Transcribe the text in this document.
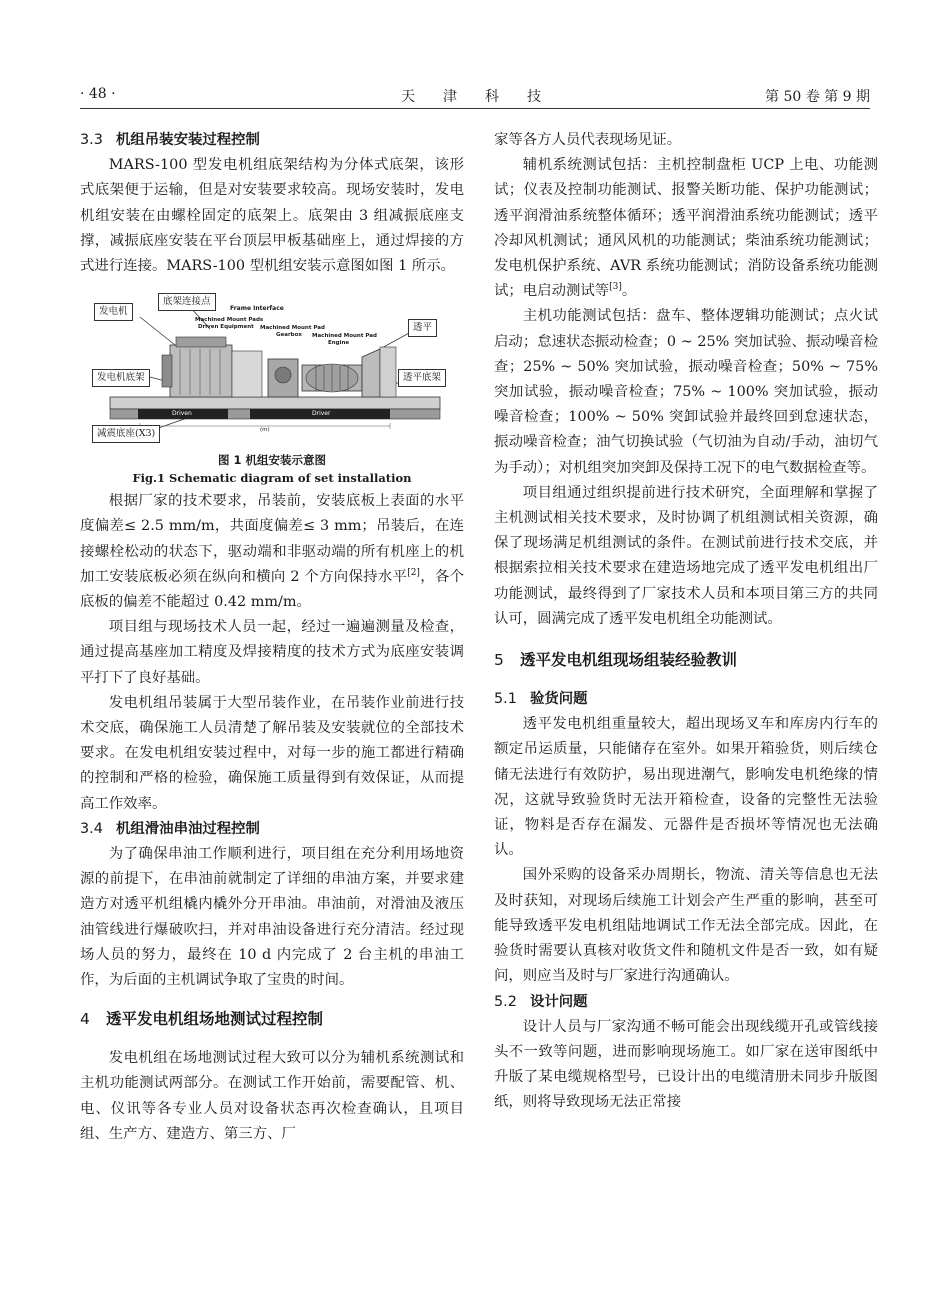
· 48 ·	天津科技	第 50 卷 第 9 期
3.3 机组吊装安装过程控制

MARS-100 型发电机组底架结构为分体式底架，该形式底架便于运输，但是对安装要求较高。现场安装时，发电机组安装在由螺栓固定的底架上。底架由 3 组减振底座支撑，减振底座安装在平台顶层甲板基础座上，通过焊接的方式进行连接。MARS-100 型机组安装示意图如图 1 所示。

Frame Interface
Machined Mount Pads
Driven Equipment Machined Mount Pad
Gearbox Machined Mount Pad
Engine
Driven	Driver
(m)
发电机
底架连接点
发电机底架
透平
透平底架
减震底座(X3)
图 1 机组安装示意图
Fig.1 Schematic diagram of set installation

根据厂家的技术要求，吊装前，安装底板上表面的水平度偏差≤ 2.5 mm/m，共面度偏差≤ 3 mm；吊装后，在连接螺栓松动的状态下，驱动端和非驱动端的所有机座上的机加工安装底板必须在纵向和横向 2 个方向保持水平[2]，各个底板的偏差不能超过 0.42 mm/m。

项目组与现场技术人员一起，经过一遍遍测量及检查，通过提高基座加工精度及焊接精度的技术方式为底座安装调平打下了良好基础。

发电机组吊装属于大型吊装作业，在吊装作业前进行技术交底，确保施工人员清楚了解吊装及安装就位的全部技术要求。在发电机组安装过程中，对每一步的施工都进行精确的控制和严格的检验，确保施工质量得到有效保证，从而提高工作效率。

3.4 机组滑油串油过程控制

为了确保串油工作顺利进行，项目组在充分利用场地资源的前提下，在串油前就制定了详细的串油方案，并要求建造方对透平机组橇内橇外分开串油。串油前，对滑油及液压油管线进行爆破吹扫，并对串油设备进行充分清洁。经过现场人员的努力，最终在 10 d 内完成了 2 台主机的串油工作，为后面的主机调试争取了宝贵的时间。

4 透平发电机组场地测试过程控制

发电机组在场地测试过程大致可以分为辅机系统测试和主机功能测试两部分。在测试工作开始前，需要配管、机、电、仪讯等各专业人员对设备状态再次检查确认，且项目组、生产方、建造方、第三方、厂

家等各方人员代表现场见证。

辅机系统测试包括：主机控制盘柜 UCP 上电、功能测试；仪表及控制功能测试、报警关断功能、保护功能测试；透平润滑油系统整体循环；透平润滑油系统功能测试；透平冷却风机测试；通风风机的功能测试；柴油系统功能测试；发电机保护系统、AVR 系统功能测试；消防设备系统功能测试；电启动测试等[3]。

主机功能测试包括：盘车、整体逻辑功能测试；点火试启动；怠速状态振动检查；0 ~ 25% 突加试验、振动噪音检查；25% ~ 50% 突加试验，振动噪音检查；50% ~ 75% 突加试验，振动噪音检查；75% ~ 100% 突加试验，振动噪音检查；100% ~ 50% 突卸试验并最终回到怠速状态，振动噪音检查；油气切换试验（气切油为自动/手动，油切气为手动）；对机组突加突卸及保持工况下的电气数据检查等。

项目组通过组织提前进行技术研究，全面理解和掌握了主机测试相关技术要求，及时协调了机组测试相关资源，确保了现场满足机组测试的条件。在测试前进行技术交底，并根据索拉相关技术要求在建造场地完成了透平发电机组出厂功能测试，最终得到了厂家技术人员和本项目第三方的共同认可，圆满完成了透平发电机组全功能测试。

5 透平发电机组现场组装经验教训
5.1 验货问题

透平发电机组重量较大，超出现场叉车和库房内行车的额定吊运质量，只能储存在室外。如果开箱验货，则后续仓储无法进行有效防护，易出现进潮气，影响发电机绝缘的情况，这就导致验货时无法开箱检查，设备的完整性无法验证，物料是否存在漏发、元器件是否损坏等情况也无法确认。

国外采购的设备采办周期长，物流、清关等信息也无法及时获知，对现场后续施工计划会产生严重的影响，甚至可能导致透平发电机组陆地调试工作无法全部完成。因此，在验货时需要认真核对收货文件和随机文件是否一致，如有疑问，则应当及时与厂家进行沟通确认。

5.2 设计问题

设计人员与厂家沟通不畅可能会出现线缆开孔或管线接头不一致等问题，进而影响现场施工。如厂家在送审图纸中升版了某电缆规格型号，已设计出的电缆清册未同步升版图纸，则将导致现场无法正常接
